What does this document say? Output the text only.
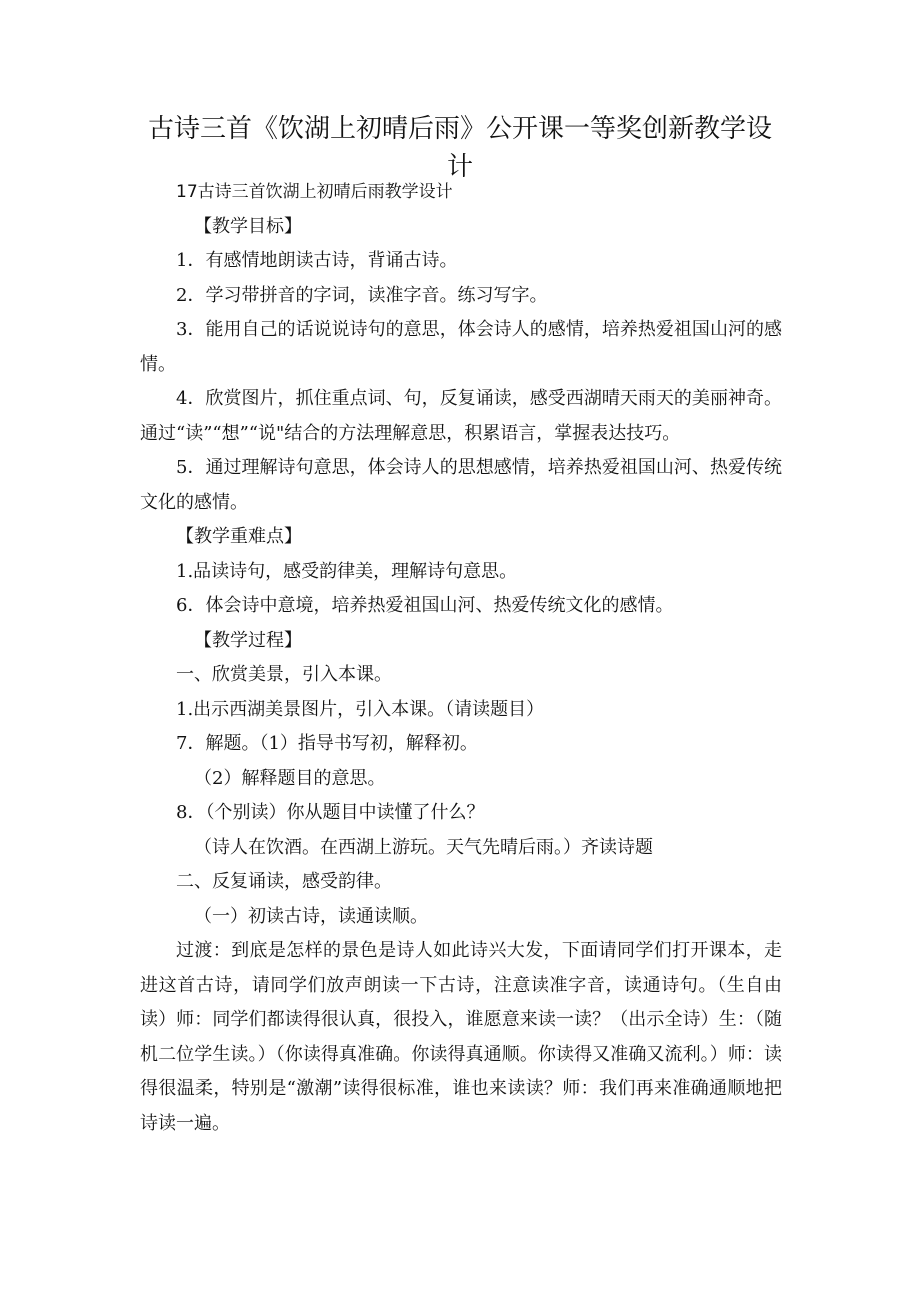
古诗三首《饮湖上初晴后雨》公开课一等奖创新教学设计

17古诗三首饮湖上初晴后雨教学设计

【教学目标】

1．有感情地朗读古诗，背诵古诗。

2．学习带拼音的字词，读准字音。练习写字。

3．能用自己的话说说诗句的意思，体会诗人的感情，培养热爱祖国山河的感情。

4．欣赏图片，抓住重点词、句，反复诵读，感受西湖晴天雨天的美丽神奇。通过“读”“想”“说"结合的方法理解意思，积累语言，掌握表达技巧。

5．通过理解诗句意思，体会诗人的思想感情，培养热爱祖国山河、热爱传统文化的感情。

【教学重难点】

1.品读诗句，感受韵律美，理解诗句意思。

6．体会诗中意境，培养热爱祖国山河、热爱传统文化的感情。

【教学过程】

一、欣赏美景，引入本课。

1.出示西湖美景图片，引入本课。（请读题目）

7．解题。（1）指导书写初，解释初。

（2）解释题目的意思。

8．（个别读）你从题目中读懂了什么？

（诗人在饮酒。在西湖上游玩。天气先晴后雨。）齐读诗题

二、反复诵读，感受韵律。

（一）初读古诗，读通读顺。

过渡：到底是怎样的景色是诗人如此诗兴大发，下面请同学们打开课本，走进这首古诗，请同学们放声朗读一下古诗，注意读准字音，读通诗句。（生自由读）师：同学们都读得很认真，很投入，谁愿意来读一读？（出示全诗）生：（随机二位学生读。）（你读得真准确。你读得真通顺。你读得又准确又流利。）师：读得很温柔，特别是“激潮”读得很标准，谁也来读读？师：我们再来准确通顺地把诗读一遍。
